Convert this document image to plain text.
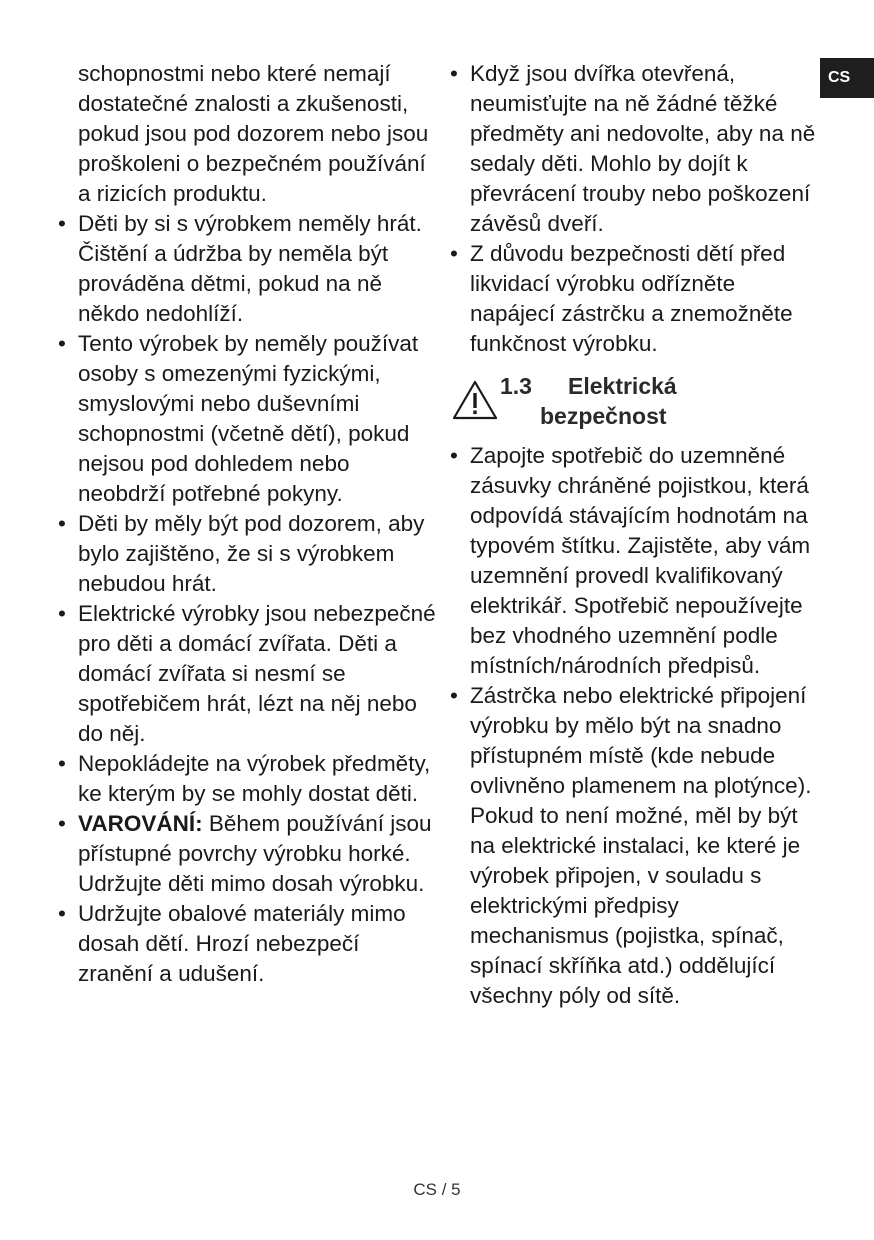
CS
schopnostmi nebo které nemají dostatečné znalosti a zkušenosti, pokud jsou pod dozorem nebo jsou proškoleni o bezpečném používání a rizicích produktu.
• Děti by si s výrobkem neměly hrát. Čištění a údržba by neměla být prováděna dětmi, pokud na ně někdo nedohlíží.
• Tento výrobek by neměly používat osoby s omezenými fyzickými, smyslovými nebo duševními schopnostmi (včetně dětí), pokud nejsou pod dohledem nebo neobdrží potřebné pokyny.
• Děti by měly být pod dozorem, aby bylo zajištěno, že si s výrobkem nebudou hrát.
• Elektrické výrobky jsou nebezpečné pro děti a domácí zvířata. Děti a domácí zvířata si nesmí se spotřebičem hrát, lézt na něj nebo do něj.
• Nepokládejte na výrobek předměty, ke kterým by se mohly dostat děti.
• VAROVÁNÍ: Během používání jsou přístupné povrchy výrobku horké. Udržujte děti mimo dosah výrobku.
• Udržujte obalové materiály mimo dosah dětí. Hrozí nebezpečí zranění a udušení.
• Když jsou dvířka otevřená, neumisťujte na ně žádné těžké předměty ani nedovolte, aby na ně sedaly děti. Mohlo by dojít k převrácení trouby nebo poškození závěsů dveří.
• Z důvodu bezpečnosti dětí před likvidací výrobku odřízněte napájecí zástrčku a znemožněte funkčnost výrobku.
1.3	Elektrická bezpečnost
• Zapojte spotřebič do uzemněné zásuvky chráněné pojistkou, která odpovídá stávajícím hodnotám na typovém štítku. Zajistěte, aby vám uzemnění provedl kvalifikovaný elektrikář. Spotřebič nepoužívejte bez vhodného uzemnění podle místních/národních předpisů.
• Zástrčka nebo elektrické připojení výrobku by mělo být na snadno přístupném místě (kde nebude ovlivněno plamenem na plotýnce). Pokud to není možné, měl by být na elektrické instalaci, ke které je výrobek připojen, v souladu s elektrickými předpisy mechanismus (pojistka, spínač, spínací skříňka atd.) oddělující všechny póly od sítě.
CS / 5
